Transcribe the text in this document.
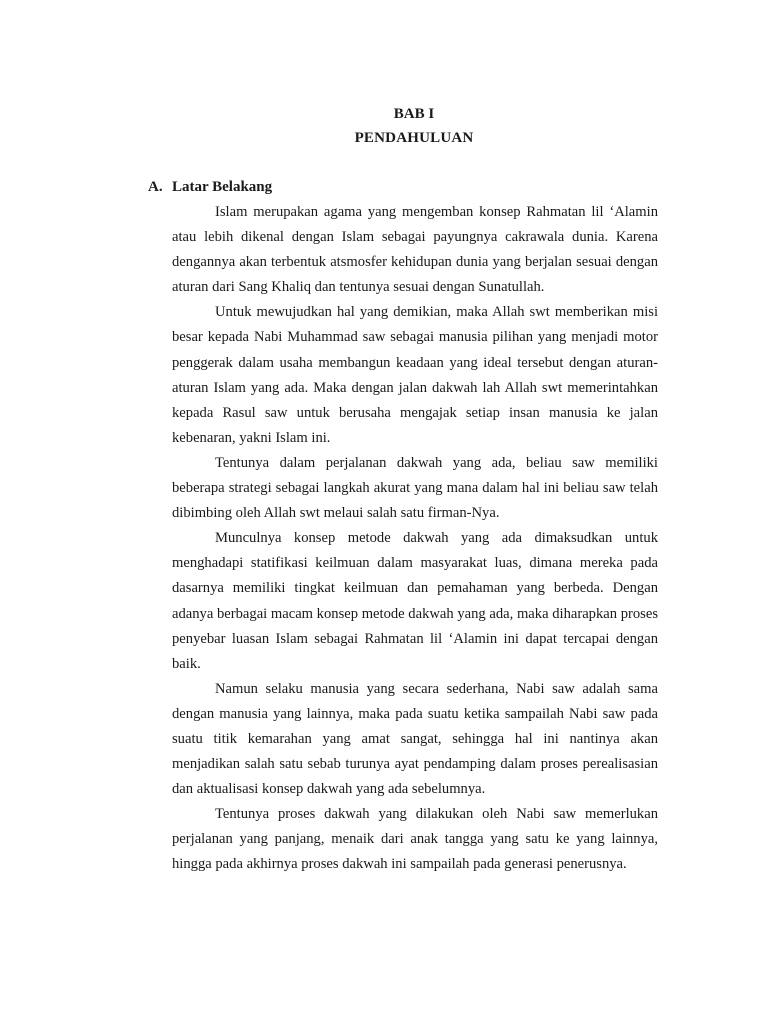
BAB I
PENDAHULUAN
A. Latar Belakang

Islam merupakan agama yang mengemban konsep Rahmatan lil ‘Alamin atau lebih dikenal dengan Islam sebagai payungnya cakrawala dunia. Karena dengannya akan terbentuk atsmosfer kehidupan dunia yang berjalan sesuai dengan aturan dari Sang Khaliq dan tentunya sesuai dengan Sunatullah.

Untuk mewujudkan hal yang demikian, maka Allah swt memberikan misi besar kepada Nabi Muhammad saw sebagai manusia pilihan yang menjadi motor penggerak dalam usaha membangun keadaan yang ideal tersebut dengan aturan-aturan Islam yang ada. Maka dengan jalan dakwah lah Allah swt memerintahkan kepada Rasul saw untuk berusaha mengajak setiap insan manusia ke jalan kebenaran, yakni Islam ini.

Tentunya dalam perjalanan dakwah yang ada, beliau saw memiliki beberapa strategi sebagai langkah akurat yang mana dalam hal ini beliau saw telah dibimbing oleh Allah swt melaui salah satu firman-Nya.

Munculnya konsep metode dakwah yang ada dimaksudkan untuk menghadapi statifikasi keilmuan dalam masyarakat luas, dimana mereka pada dasarnya memiliki tingkat keilmuan dan pemahaman yang berbeda. Dengan adanya berbagai macam konsep metode dakwah yang ada, maka diharapkan proses penyebar luasan Islam sebagai Rahmatan lil ‘Alamin ini dapat tercapai dengan baik.

Namun selaku manusia yang secara sederhana, Nabi saw adalah sama dengan manusia yang lainnya, maka pada suatu ketika sampailah Nabi saw pada suatu titik kemarahan yang amat sangat, sehingga hal ini nantinya akan menjadikan salah satu sebab turunya ayat pendamping dalam proses perealisasian dan aktualisasi konsep dakwah yang ada sebelumnya.

Tentunya proses dakwah yang dilakukan oleh Nabi saw memerlukan perjalanan yang panjang, menaik dari anak tangga yang satu ke yang lainnya, hingga pada akhirnya proses dakwah ini sampailah pada generasi penerusnya.
